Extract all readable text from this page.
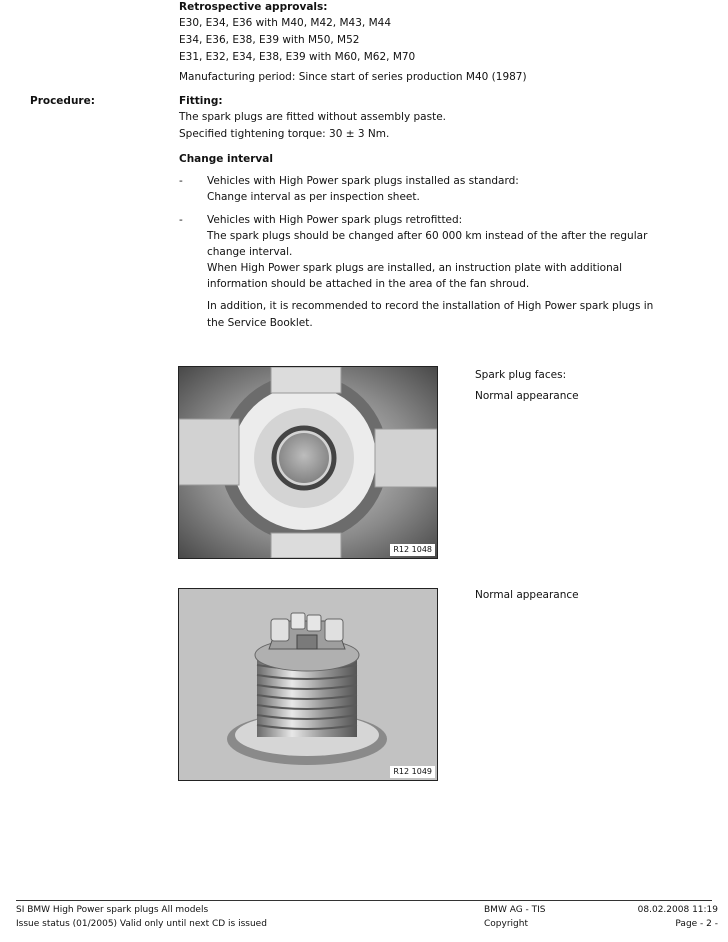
Retrospective approvals:
E30, E34, E36 with M40, M42, M43, M44
E34, E36, E38, E39 with M50, M52
E31, E32, E34, E38, E39 with M60, M62, M70
Manufacturing period: Since start of series production M40 (1987)
Procedure:	Fitting:
The spark plugs are fitted without assembly paste.
Specified tightening torque: 30 ± 3 Nm.
Change interval
- Vehicles with High Power spark plugs installed as standard:
Change interval as per inspection sheet.
- Vehicles with High Power spark plugs retrofitted:
The spark plugs should be changed after 60 000 km instead of the after the regular
change interval.
When High Power spark plugs are installed, an instruction plate with additional
information should be attached in the area of the fan shroud.
In addition, it is recommended to record the installation of High Power spark plugs in
the Service Booklet.
R12 1048
Spark plug faces:
Normal appearance
R12 1049
Normal appearance
SI BMW High Power spark plugs All models
Issue status (01/2005) Valid only until next CD is issued
BMW AG - TIS
Copyright
08.02.2008 11:19
Page - 2 -
